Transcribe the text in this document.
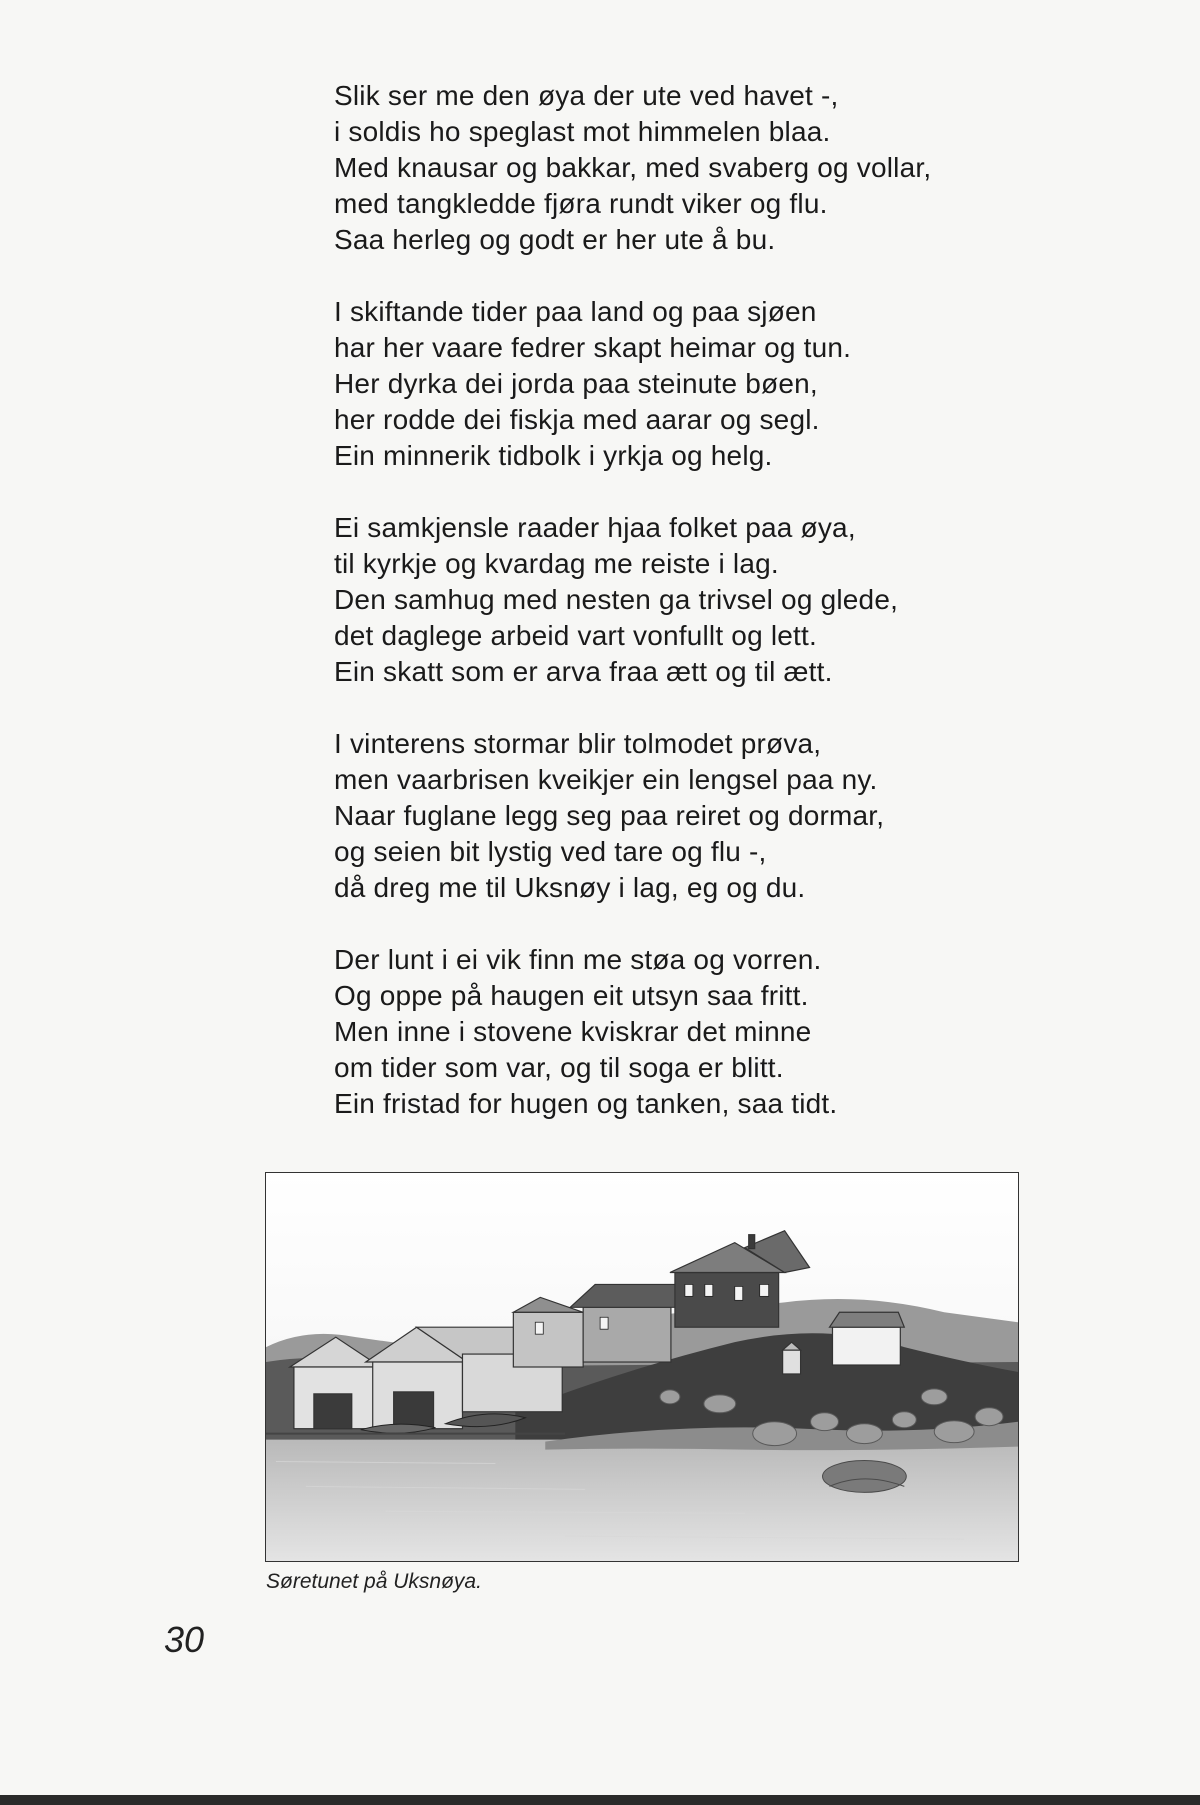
Slik ser me den øya der ute ved havet -,
i soldis ho speglast mot himmelen blaa.
Med knausar og bakkar, med svaberg og vollar,
med tangkledde fjøra rundt viker og flu.
Saa herleg og godt er her ute å bu.
I skiftande tider paa land og paa sjøen
har her vaare fedrer skapt heimar og tun.
Her dyrka dei jorda paa steinute bøen,
her rodde dei fiskja med aarar og segl.
Ein minnerik tidbolk i yrkja og helg.
Ei samkjensle raader hjaa folket paa øya,
til kyrkje og kvardag me reiste i lag.
Den samhug med nesten ga trivsel og glede,
det daglege arbeid vart vonfullt og lett.
Ein skatt som er arva fraa ætt og til ætt.
I vinterens stormar blir tolmodet prøva,
men vaarbrisen kveikjer ein lengsel paa ny.
Naar fuglane legg seg paa reiret og dormar,
og seien bit lystig ved tare og flu -,
då dreg me til Uksnøy i lag, eg og du.
Der lunt i ei vik finn me støa og vorren.
Og oppe på haugen eit utsyn saa fritt.
Men inne i stovene kviskrar det minne
om tider som var, og til soga er blitt.
Ein fristad for hugen og tanken, saa tidt.
Søretunet på Uksnøya.
30
